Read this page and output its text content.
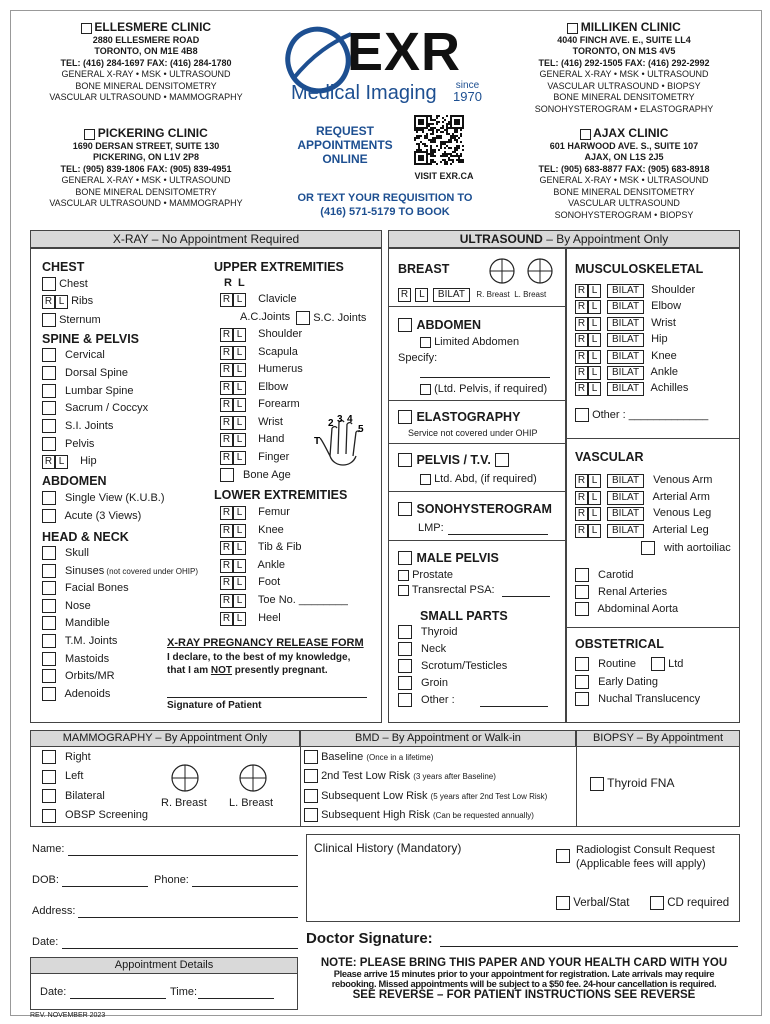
ELLESMERE CLINIC
2880 ELLESMERE ROAD
TORONTO, ON M1E 4B8
TEL: (416) 284-1697 FAX: (416) 284-1780
GENERAL X-RAY • MSK • ULTRASOUND
BONE MINERAL DENSITOMETRY
VASCULAR ULTRASOUND • MAMMOGRAPHY
PICKERING CLINIC
1690 DERSAN STREET, SUITE 130
PICKERING, ON L1V 2P8
TEL: (905) 839-1806 FAX: (905) 839-4951
GENERAL X-RAY • MSK • ULTRASOUND
BONE MINERAL DENSITOMETRY
VASCULAR ULTRASOUND • MAMMOGRAPHY
MILLIKEN CLINIC
4040 FINCH AVE. E., SUITE LL4
TORONTO, ON M1S 4V5
TEL: (416) 292-1505 FAX: (416) 292-2992
GENERAL X-RAY • MSK • ULTRASOUND
VASCULAR ULTRASOUND • BIOPSY
BONE MINERAL DENSITOMETRY
SONOHYSTEROGRAM • ELASTOGRAPHY
AJAX CLINIC
601 HARWOOD AVE. S., SUITE 107
AJAX, ON L1S 2J5
TEL: (905) 683-8877 FAX: (905) 683-8918
GENERAL X-RAY • MSK • ULTRASOUND
BONE MINERAL DENSITOMETRY
VASCULAR ULTRASOUND
SONOHYSTEROGRAM • BIOPSY
EXR
Medical Imaging since
1970
REQUEST
APPOINTMENTS
ONLINE
VISIT EXR.CA
OR TEXT YOUR REQUISITION TO
(416) 571-5179 TO BOOK
X-RAY – No Appointment Required	ULTRASOUND – By Appointment Only
CHEST
Chest
R L Ribs
Sternum
SPINE & PELVIS
Cervical
Dorsal Spine
Lumbar Spine
Sacrum / Coccyx
S.I. Joints
Pelvis
R L  Hip
ABDOMEN
Single View (K.U.B.)
Acute (3 Views)
HEAD & NECK
Skull
Sinuses (not covered under OHIP)
Facial Bones
Nose
Mandible
T.M. Joints
Mastoids
Orbits/MR
Adenoids
UPPER EXTREMITIES
R  L
R L  Clavicle
A.C.Joints S.C. Joints
R L  Shoulder
R L  Scapula
R L  Humerus
R L  Elbow
R L  Forearm
R L  Wrist
R L  Hand
R L  Finger
Bone Age
T
2 3 4
5
LOWER EXTREMITIES
R L  Femur
R L  Knee
R L  Tib & Fib
R L  Ankle
R L  Foot
R L  Toe No. ________
R L  Heel
X-RAY PREGNANCY RELEASE FORM
I declare, to the best of my knowledge,
that I am NOT presently pregnant.
Signature of Patient
BREAST
R L BILAT R. Breast L. Breast
ABDOMEN
Limited Abdomen
Specify:
(Ltd. Pelvis, if required)
ELASTOGRAPHY
Service not covered under OHIP
PELVIS / T.V.
Ltd. Abd, (if required)
SONOHYSTEROGRAM
LMP:
MALE PELVIS
Prostate
Transrectal PSA:
SMALL PARTS
Thyroid
Neck
Scrotum/Testicles
Groin
Other :
MUSCULOSKELETAL
R L BILAT Shoulder
R L BILAT Elbow
R L BILAT Wrist
R L BILAT Hip
R L BILAT Knee
R L BILAT Ankle
R L BILAT Achilles
Other : _____________
VASCULAR
R L BILAT Venous Arm
R L BILAT Arterial Arm
R L BILAT Venous Leg
R L BILAT Arterial Leg
with aortoiliac
Carotid
Renal Arteries
Abdominal Aorta
OBSTETRICAL
Routine	Ltd
Early Dating
Nuchal Translucency
MAMMOGRAPHY – By Appointment Only	BMD – By Appointment or Walk-in	BIOPSY – By Appointment
Right
Left
Bilateral
OBSP Screening
R. Breast L. Breast
Baseline (Once in a lifetime)
2nd Test Low Risk (3 years after Baseline)
Subsequent Low Risk (5 years after 2nd Test Low Risk)
Subsequent High Risk (Can be requested annually)
Thyroid FNA
Name:
DOB:	Phone:
Address:
Date:
Clinical History (Mandatory)	Radiologist Consult Request
(Applicable fees will apply)
Verbal/Stat	CD required
Doctor Signature:
Appointment Details
Date:	Time:
NOTE: PLEASE BRING THIS PAPER AND YOUR HEALTH CARD WITH YOU
Please arrive 15 minutes prior to your appointment for registration. Late arrivals may require
rebooking. Missed appointments will be subject to a $50 fee. 24-hour cancellation is required.
SEE REVERSE – FOR PATIENT INSTRUCTIONS SEE REVERSE
REV. NOVEMBER 2023
